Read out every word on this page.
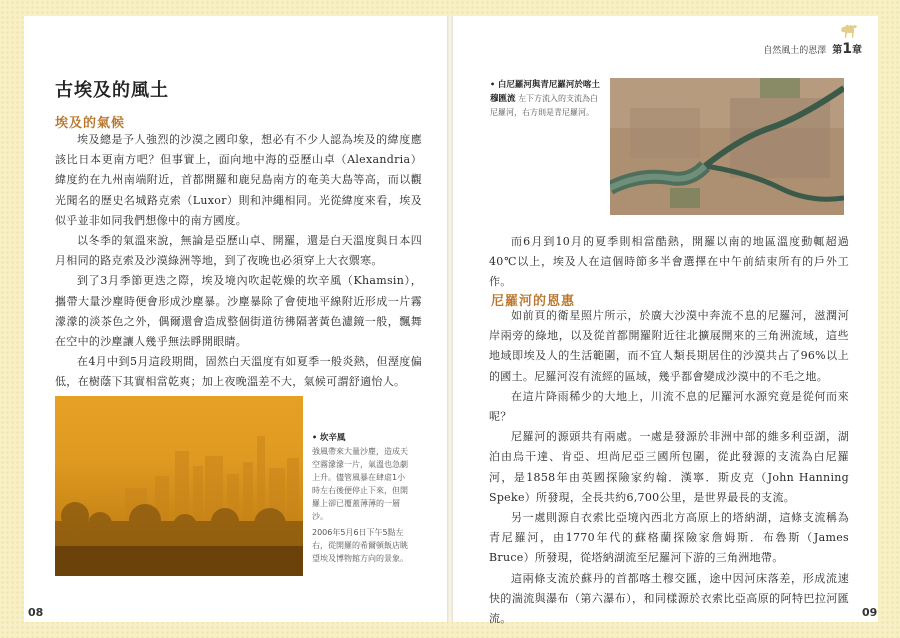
自然風土的恩澤 第1章
古埃及的風土
埃及的氣候

埃及總是予人強烈的沙漠之國印象，想必有不少人認為埃及的緯度應該比日本更南方吧？但事實上，面向地中海的亞歷山卓（Alexandria）緯度約在九州南端附近，首都開羅和鹿兒島南方的奄美大島等高，而以觀光聞名的歷史名城路克索（Luxor）則和沖繩相同。光從緯度來看，埃及似乎並非如同我們想像中的南方國度。

以冬季的氣溫來說，無論是亞歷山卓、開羅，還是白天溫度與日本四月相同的路克索及沙漠綠洲等地，到了夜晚也必須穿上大衣禦寒。

到了3月季節更迭之際，埃及境內吹起乾燥的坎辛風（Khamsin），攜帶大量沙塵時便會形成沙塵暴。沙塵暴除了會使地平線附近形成一片霧濛濛的淡茶色之外，偶爾還會造成整個街道彷彿隔著黃色濾鏡一般，飄舞在空中的沙塵讓人幾乎無法睜開眼睛。

在4月中到5月這段期間，固然白天溫度有如夏季一般炎熱，但溼度偏低，在樹蔭下其實相當乾爽；加上夜晚溫差不大，氣候可謂舒適怡人。

• 坎辛風
強風帶來大量沙塵，造成天空霧濛濛一片，氣溫也急劇上升。儘管風暴在肆虐1小時左右後便停止下來，但開羅上卻已覆蓋薄薄的一層沙。
2006年5月6日下午5點左右，從開羅的希爾頓飯店眺望埃及博物館方向的景象。
• 白尼羅河與青尼羅河於喀土穆匯流 左下方流入的支流為白尼羅河，右方則是青尼羅河。

而6月到10月的夏季則相當酷熱，開羅以南的地區溫度動輒超過40℃以上，埃及人在這個時節多半會選擇在中午前結束所有的戶外工作。

尼羅河的恩惠

如前頁的衛星照片所示，於廣大沙漠中奔流不息的尼羅河，滋潤河岸兩旁的綠地，以及從首都開羅附近往北擴展開來的三角洲流域，這些地域即埃及人的生活範圍，而不宜人類長期居住的沙漠共占了96%以上的國土。尼羅河沒有流經的區域，幾乎都會變成沙漠中的不毛之地。

在這片降雨稀少的大地上，川流不息的尼羅河水源究竟是從何而來呢？

尼羅河的源頭共有兩處。一處是發源於非洲中部的維多利亞湖，湖泊由烏干達、肯亞、坦尚尼亞三國所包圍，從此發源的支流為白尼羅河，是1858年由英國探險家約翰．漢寧．斯皮克（John Hanning Speke）所發現，全長共約6,700公里，是世界最長的支流。

另一處則源自衣索比亞境內西北方高原上的塔納湖，這條支流稱為青尼羅河，由1770年代的蘇格蘭探險家詹姆斯．布魯斯（James Bruce）所發現，從塔納湖流至尼羅河下游的三角洲地帶。

這兩條支流於蘇丹的首都喀土穆交匯，途中因河床落差，形成流速快的湍流與瀑布（第六瀑布），和同樣源於衣索比亞高原的阿特巴拉河匯流。

08	09
